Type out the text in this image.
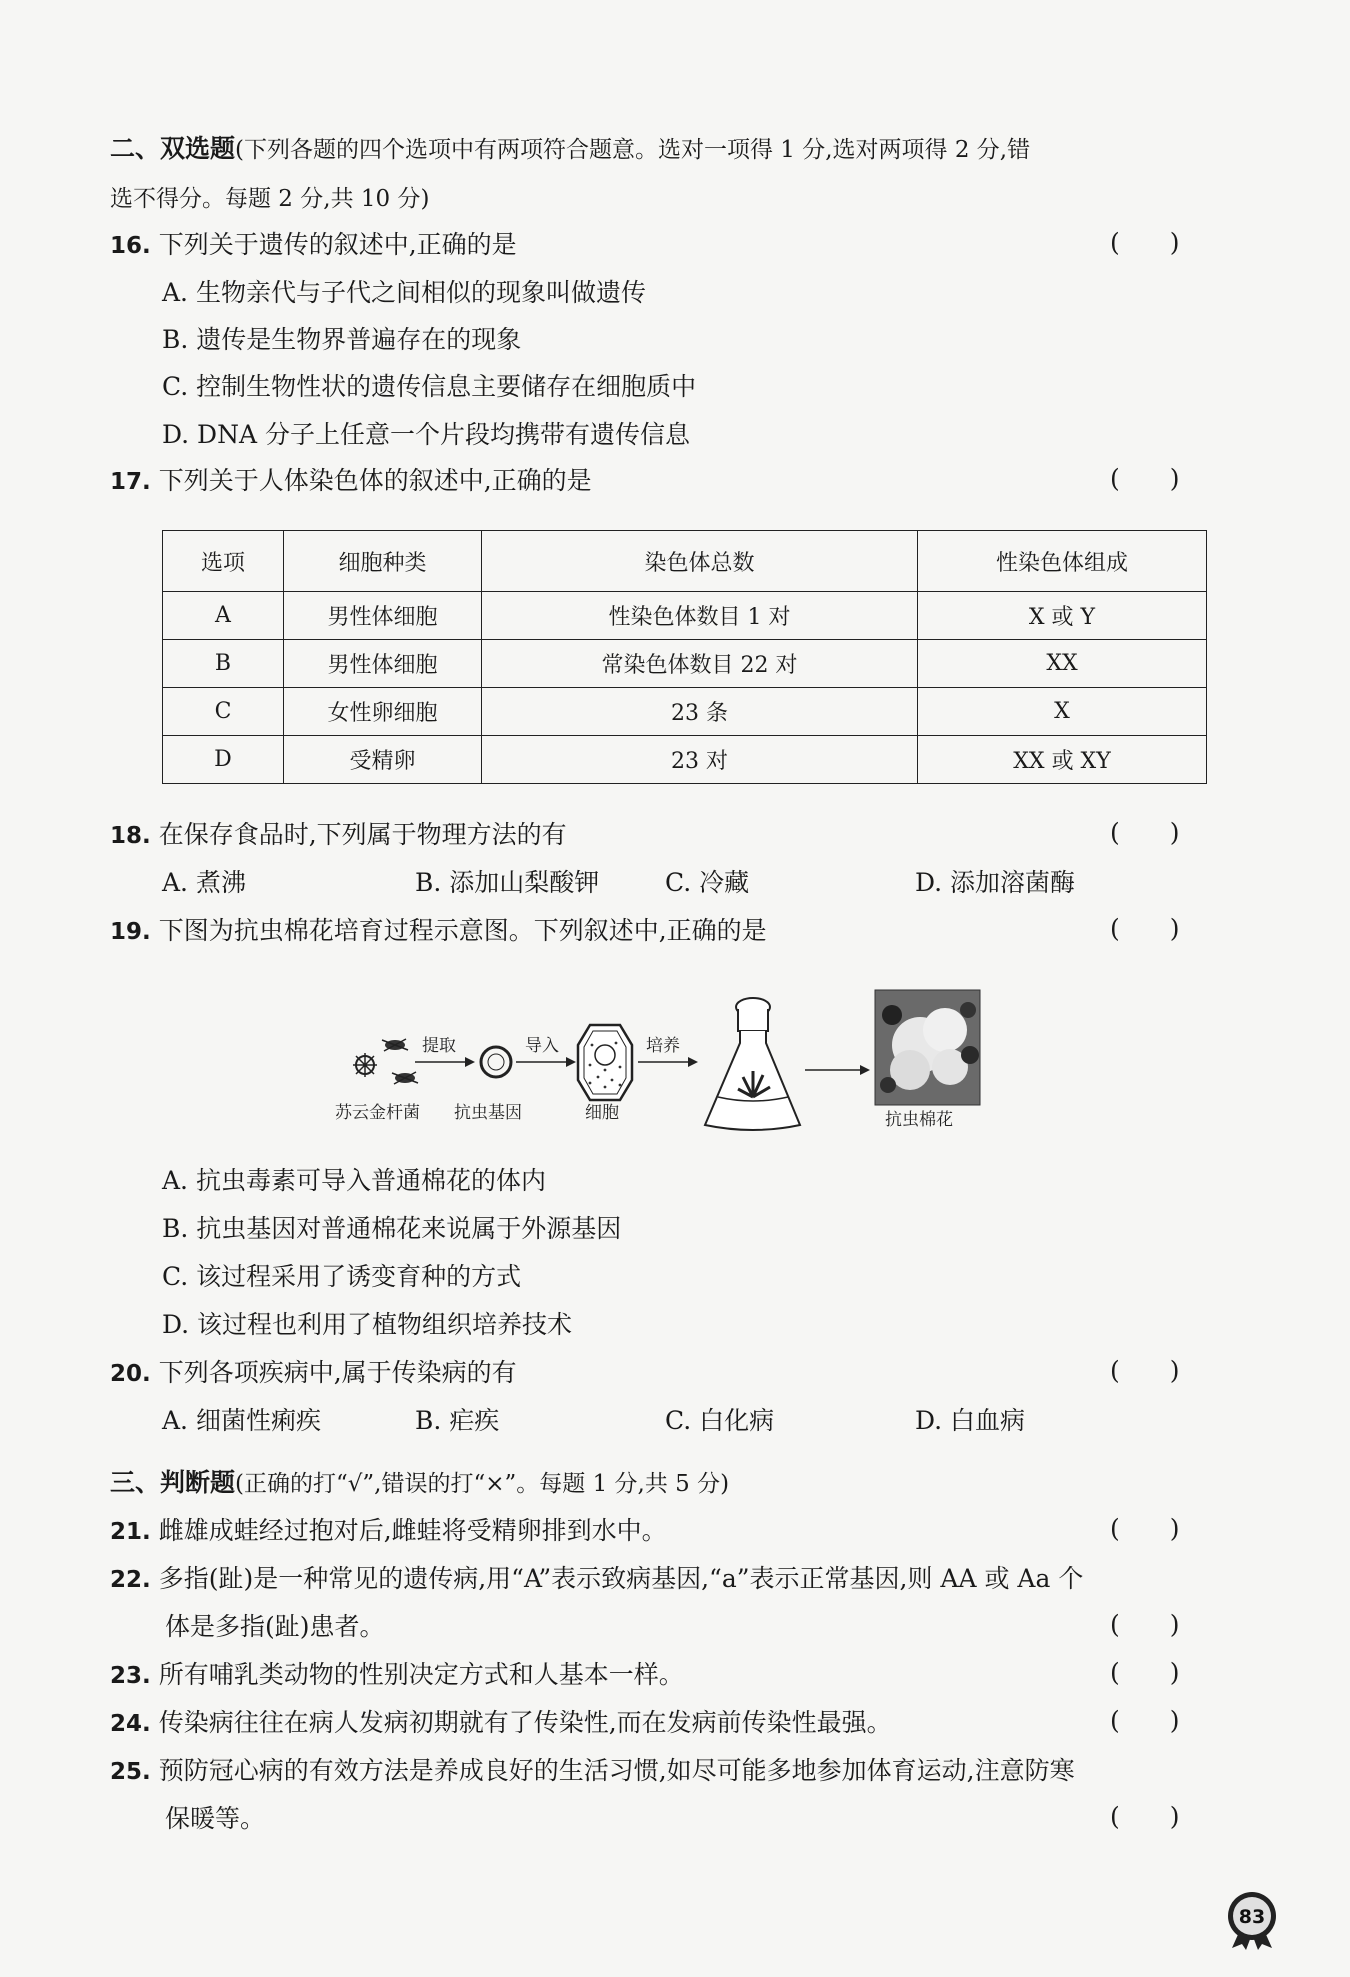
二、双选题(下列各题的四个选项中有两项符合题意。选对一项得 1 分,选对两项得 2 分,错
选不得分。每题 2 分,共 10 分)
16. 下列关于遗传的叙述中,正确的是	(　　)
A. 生物亲代与子代之间相似的现象叫做遗传
B. 遗传是生物界普遍存在的现象
C. 控制生物性状的遗传信息主要储存在细胞质中
D. DNA 分子上任意一个片段均携带有遗传信息
17. 下列关于人体染色体的叙述中,正确的是	(　　)
选项	细胞种类	染色体总数	性染色体组成
A	男性体细胞	性染色体数目 1 对	X 或 Y
B	男性体细胞	常染色体数目 22 对	XX
C	女性卵细胞	23 条	X
D	受精卵	23 对	XX 或 XY
18. 在保存食品时,下列属于物理方法的有	(　　)
A. 煮沸	B. 添加山梨酸钾	C. 冷藏	D. 添加溶菌酶
19. 下图为抗虫棉花培育过程示意图。下列叙述中,正确的是	(　　)
苏云金杆菌
提取
抗虫基因
导入
细胞
培养
抗虫棉花
A. 抗虫毒素可导入普通棉花的体内
B. 抗虫基因对普通棉花来说属于外源基因
C. 该过程采用了诱变育种的方式
D. 该过程也利用了植物组织培养技术
20. 下列各项疾病中,属于传染病的有	(　　)
A. 细菌性痢疾	B. 疟疾	C. 白化病	D. 白血病
三、判断题(正确的打“√”,错误的打“×”。每题 1 分,共 5 分)
21. 雌雄成蛙经过抱对后,雌蛙将受精卵排到水中。	(　　)
22. 多指(趾)是一种常见的遗传病,用“A”表示致病基因,“a”表示正常基因,则 AA 或 Aa 个
体是多指(趾)患者。	(　　)
23. 所有哺乳类动物的性别决定方式和人基本一样。	(　　)
24. 传染病往往在病人发病初期就有了传染性,而在发病前传染性最强。	(　　)
25. 预防冠心病的有效方法是养成良好的生活习惯,如尽可能多地参加体育运动,注意防寒
保暖等。	(　　)
83
